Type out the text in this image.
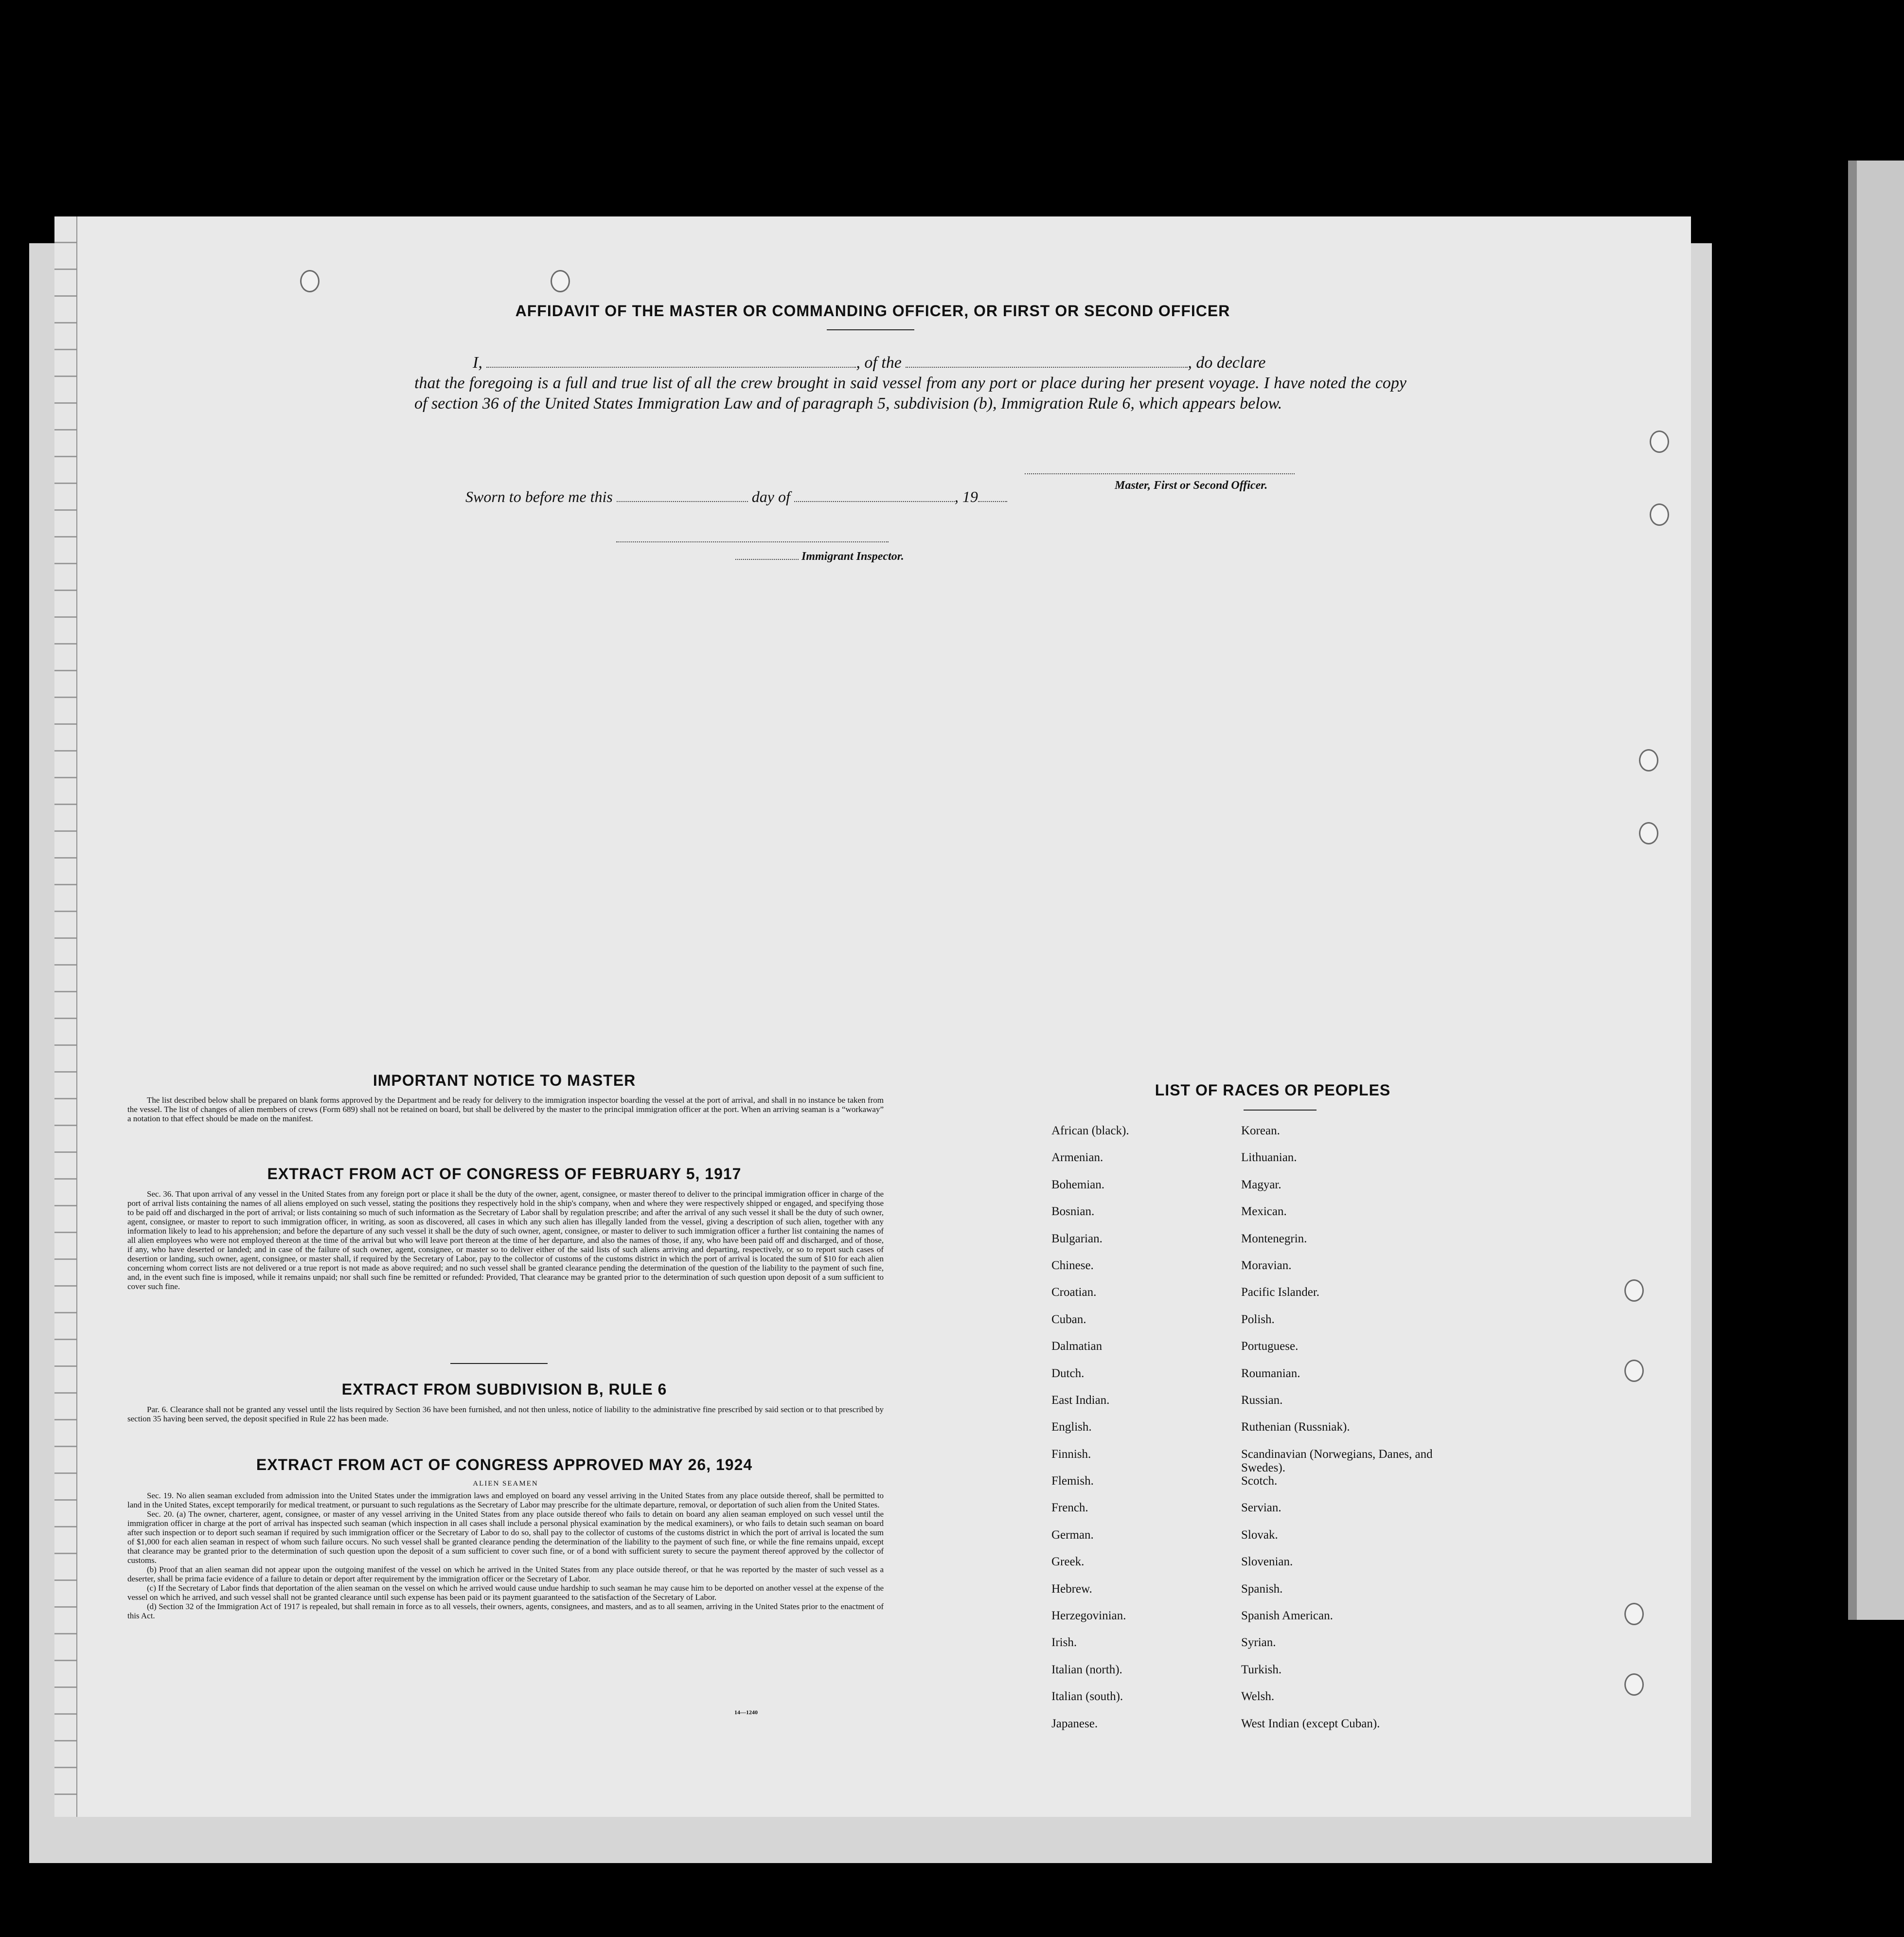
AFFIDAVIT OF THE MASTER OR COMMANDING OFFICER, OR FIRST OR SECOND OFFICER

I,	, of the	, do declare

that the foregoing is a full and true list of all the crew brought in said vessel from any port or place during her present voyage. I have noted the copy of section 36 of the United States Immigration Law and of paragraph 5, subdivision (b), Immigration Rule 6, which appears below.

Master, First or Second Officer.
Sworn to before me this	day of	, 19
Immigrant Inspector.
IMPORTANT NOTICE TO MASTER

The list described below shall be prepared on blank forms approved by the Department and be ready for delivery to the immigration inspector boarding the vessel at the port of arrival, and shall in no instance be taken from the vessel. The list of changes of alien members of crews (Form 689) shall not be retained on board, but shall be delivered by the master to the principal immigration officer at the port. When an arriving seaman is a “workaway” a notation to that effect should be made on the manifest.

EXTRACT FROM ACT OF CONGRESS OF FEBRUARY 5, 1917

Sec. 36. That upon arrival of any vessel in the United States from any foreign port or place it shall be the duty of the owner, agent, consignee, or master thereof to deliver to the principal immigration officer in charge of the port of arrival lists containing the names of all aliens employed on such vessel, stating the positions they respectively hold in the ship's company, when and where they were respectively shipped or engaged, and specifying those to be paid off and discharged in the port of arrival; or lists containing so much of such information as the Secretary of Labor shall by regulation prescribe; and after the arrival of any such vessel it shall be the duty of such owner, agent, consignee, or master to report to such immigration officer, in writing, as soon as discovered, all cases in which any such alien has illegally landed from the vessel, giving a description of such alien, together with any information likely to lead to his apprehension; and before the departure of any such vessel it shall be the duty of such owner, agent, consignee, or master to deliver to such immigration officer a further list containing the names of all alien employees who were not employed thereon at the time of the arrival but who will leave port thereon at the time of her departure, and also the names of those, if any, who have been paid off and discharged, and of those, if any, who have deserted or landed; and in case of the failure of such owner, agent, consignee, or master so to deliver either of the said lists of such aliens arriving and departing, respectively, or so to report such cases of desertion or landing, such owner, agent, consignee, or master shall, if required by the Secretary of Labor, pay to the collector of customs of the customs district in which the port of arrival is located the sum of $10 for each alien concerning whom correct lists are not delivered or a true report is not made as above required; and no such vessel shall be granted clearance pending the determination of the question of the liability to the payment of such fine, and, in the event such fine is imposed, while it remains unpaid; nor shall such fine be remitted or refunded: Provided, That clearance may be granted prior to the determination of such question upon deposit of a sum sufficient to cover such fine.

EXTRACT FROM SUBDIVISION B, RULE 6

Par. 6. Clearance shall not be granted any vessel until the lists required by Section 36 have been furnished, and not then unless, notice of liability to the administrative fine prescribed by said section or to that prescribed by section 35 having been served, the deposit specified in Rule 22 has been made.

EXTRACT FROM ACT OF CONGRESS APPROVED MAY 26, 1924
ALIEN SEAMEN

Sec. 19. No alien seaman excluded from admission into the United States under the immigration laws and employed on board any vessel arriving in the United States from any place outside thereof, shall be permitted to land in the United States, except temporarily for medical treatment, or pursuant to such regulations as the Secretary of Labor may prescribe for the ultimate departure, removal, or deportation of such alien from the United States.

Sec. 20. (a) The owner, charterer, agent, consignee, or master of any vessel arriving in the United States from any place outside thereof who fails to detain on board any alien seaman employed on such vessel until the immigration officer in charge at the port of arrival has inspected such seaman (which inspection in all cases shall include a personal physical examination by the medical examiners), or who fails to detain such seaman on board after such inspection or to deport such seaman if required by such immigration officer or the Secretary of Labor to do so, shall pay to the collector of customs of the customs district in which the port of arrival is located the sum of $1,000 for each alien seaman in respect of whom such failure occurs. No such vessel shall be granted clearance pending the determination of the liability to the payment of such fine, or while the fine remains unpaid, except that clearance may be granted prior to the determination of such question upon the deposit of a sum sufficient to cover such fine, or of a bond with sufficient surety to secure the payment thereof approved by the collector of customs.

(b) Proof that an alien seaman did not appear upon the outgoing manifest of the vessel on which he arrived in the United States from any place outside thereof, or that he was reported by the master of such vessel as a deserter, shall be prima facie evidence of a failure to detain or deport after requirement by the immigration officer or the Secretary of Labor.

(c) If the Secretary of Labor finds that deportation of the alien seaman on the vessel on which he arrived would cause undue hardship to such seaman he may cause him to be deported on another vessel at the expense of the vessel on which he arrived, and such vessel shall not be granted clearance until such expense has been paid or its payment guaranteed to the satisfaction of the Secretary of Labor.

(d) Section 32 of the Immigration Act of 1917 is repealed, but shall remain in force as to all vessels, their owners, agents, consignees, and masters, and as to all seamen, arriving in the United States prior to the enactment of this Act.

14—1240
LIST OF RACES OR PEOPLES
African (black).
Armenian.
Bohemian.
Bosnian.
Bulgarian.
Chinese.
Croatian.
Cuban.
Dalmatian
Dutch.
East Indian.
English.
Finnish.
Flemish.
French.
German.
Greek.
Hebrew.
Herzegovinian.
Irish.
Italian (north).
Italian (south).
Japanese.
Korean.
Lithuanian.
Magyar.
Mexican.
Montenegrin.
Moravian.
Pacific Islander.
Polish.
Portuguese.
Roumanian.
Russian.
Ruthenian (Russniak).
Scandinavian (Norwegians, Danes, and Swedes).
Scotch.
Servian.
Slovak.
Slovenian.
Spanish.
Spanish American.
Syrian.
Turkish.
Welsh.
West Indian (except Cuban).
